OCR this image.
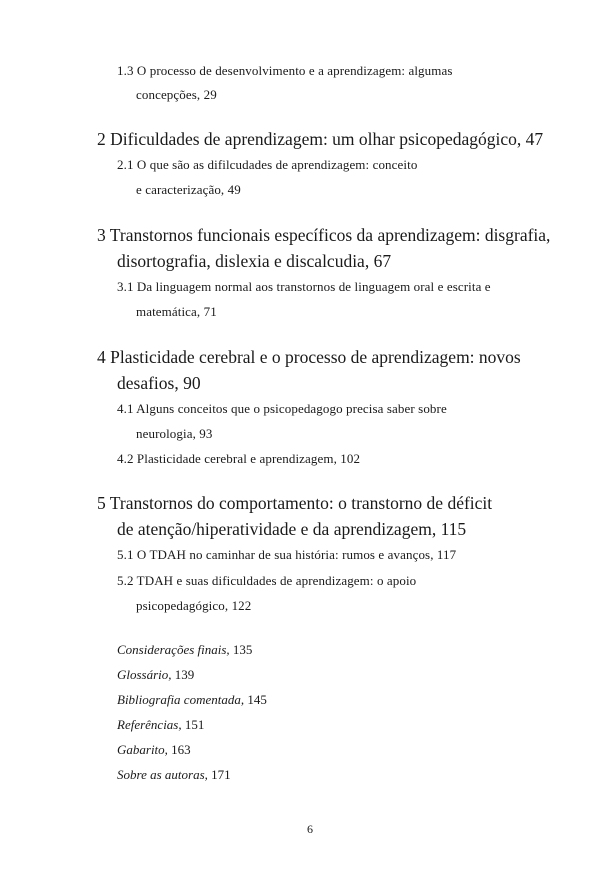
1.3 O processo de desenvolvimento e a aprendizagem: algumas
concepções, 29
2 Dificuldades de aprendizagem: um olhar psicopedagógico, 47
2.1 O que são as difilcudades de aprendizagem: conceito
e caracterização, 49
3 Transtornos funcionais específicos da aprendizagem: disgrafia,
disortografia, dislexia e discalcudia, 67
3.1 Da linguagem normal aos transtornos de linguagem oral e escrita e
matemática, 71
4 Plasticidade cerebral e o processo de aprendizagem: novos
desafios, 90
4.1 Alguns conceitos que o psicopedagogo precisa saber sobre
neurologia, 93
4.2 Plasticidade cerebral e aprendizagem, 102
5 Transtornos do comportamento: o transtorno de déficit
de atenção/hiperatividade e da aprendizagem, 115
5.1 O TDAH no caminhar de sua história: rumos e avanços, 117
5.2 TDAH e suas dificuldades de aprendizagem: o apoio
psicopedagógico, 122
Considerações finais, 135
Glossário, 139
Bibliografia comentada, 145
Referências, 151
Gabarito, 163
Sobre as autoras, 171
6
